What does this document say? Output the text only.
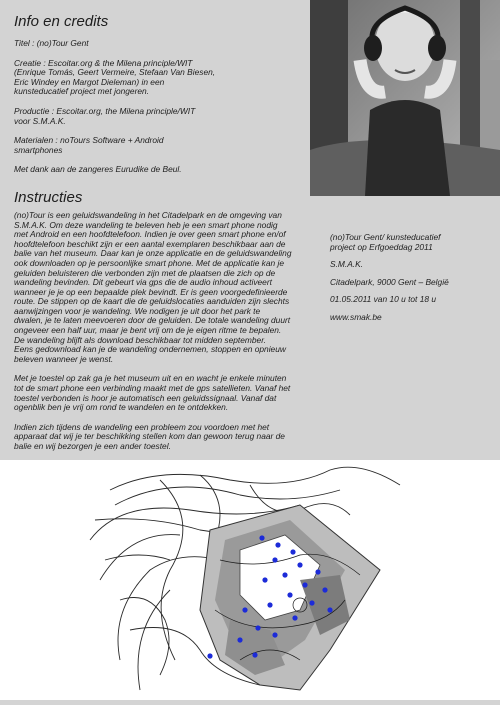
Info en credits
Titel : (no)Tour Gent
Creatie : Escoitar.org & the Milena principle/WIT
(Enrique Tomás, Geert Vermeire, Stefaan Van Biesen,
Eric Windey en Margot Dieleman) in een
kunsteducatief project met jongeren.
Productie : Escoitar.org, the Milena principle/WIT
voor S.M.A.K.
Materialen : noTours Software + Android
smartphones
Met dank aan de zangeres Eurudike de Beul.
Instructies
(no)Tour is een geluidswandeling in het Citadelpark en de omgeving van
S.M.A.K. Om deze wandeling te beleven heb je een smart phone nodig
met Android en een hoofdtelefoon. Indien je over geen smart phone en/of
hoofdtelefoon beschikt zijn er een aantal exemplaren beschikbaar aan de
balie van het museum. Daar kan je onze applicatie en de geluidswandeling
ook downloaden op je persoonlijke smart phone. Met de applicatie kan je
geluiden beluisteren die verbonden zijn met de plaatsen die zich op de
wandeling bevinden. Dit gebeurt via gps die de audio inhoud activeert
wanneer je je op een bepaalde plek bevindt. Er is geen voorgedefinieerde
route. De stippen op de kaart die de geluidslocaties aanduiden zijn slechts
aanwijzingen voor je wandeling. We nodigen je uit door het park te
dwalen, je te laten meevoeren door de geluiden. De totale wandeling duurt
ongeveer een half uur, maar je bent vrij om de je eigen ritme te bepalen.
De wandeling blijft als download beschikbaar tot midden september.
Eens gedownload kan je de wandeling ondernemen, stoppen en opnieuw
beleven wanneer je wenst.
Met je toestel op zak ga je het museum uit en en wacht je enkele minuten
tot de smart phone een verbinding maakt met de gps satellieten. Vanaf het
toestel verbonden is hoor je automatisch een geluidssignaal. Vanaf dat
ogenblik ben je vrij om rond te wandelen en te ontdekken.
Indien zich tijdens de wandeling een probleem zou voordoen met het
apparaat dat wij je ter beschikking stellen kom dan gewoon terug naar de
balie en wij bezorgen je een ander toestel.
(no)Tour Gent/ kunsteducatief
project op Erfgoeddag 2011
S.M.A.K.
Citadelpark, 9000 Gent – België
01.05.2011 van 10 u tot 18 u
www.smak.be
